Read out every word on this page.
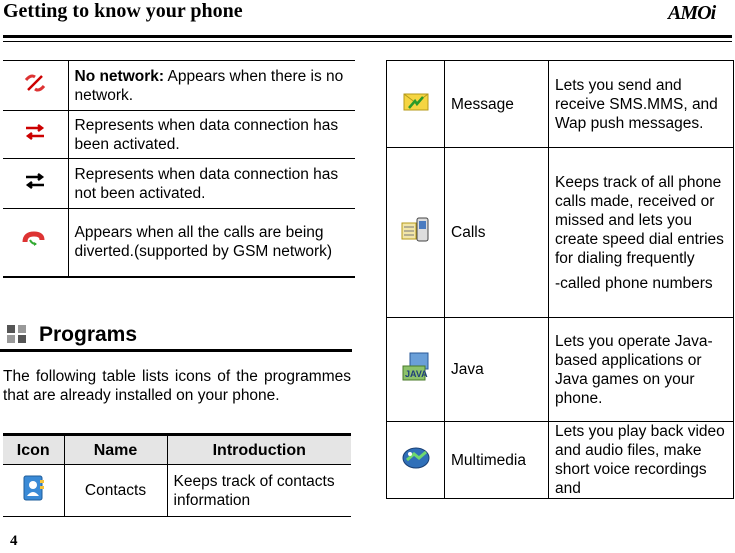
Getting to know your phone	AMOi
	No network: Appears when there is no network.
	Represents when data connection has been activated.
	Represents when data connection has not been activated.
	Appears when all the calls are being diverted.(supported by GSM network)
Programs
The following table lists icons of the programmes that are already installed on your phone.
Icon	Name	Introduction
	Contacts	Keeps track of contacts information
	Message	Lets you send and receive SMS.MMS, and Wap push messages.
	Calls	Keeps track of all phone calls made, received or missed and lets you create speed dial entries for dialing frequently
-called phone numbers

JAVA	Java	Lets you operate Java-based applications or Java games on your phone.
	Multimedia	Lets you play back video and audio files, make short voice recordings and
4
